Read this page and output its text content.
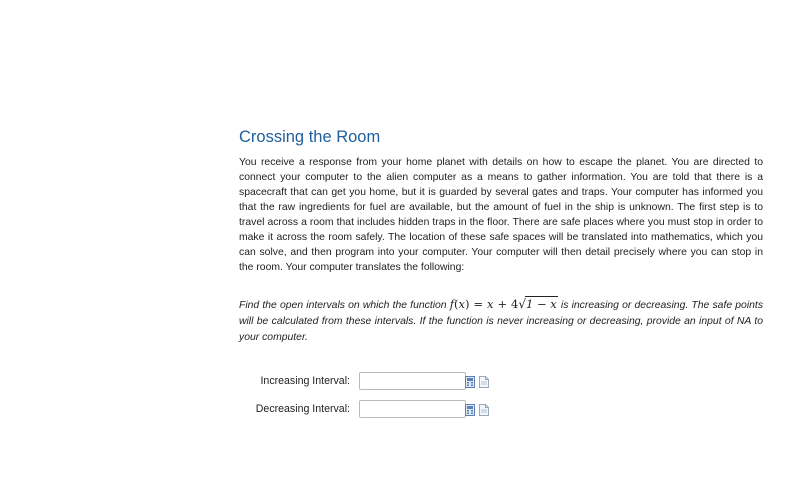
Crossing the Room

You receive a response from your home planet with details on how to escape the planet. You are directed to connect your computer to the alien computer as a means to gather information. You are told that there is a spacecraft that can get you home, but it is guarded by several gates and traps. Your computer has informed you that the raw ingredients for fuel are available, but the amount of fuel in the ship is unknown. The first step is to travel across a room that includes hidden traps in the floor. There are safe places where you must stop in order to make it across the room safely. The location of these safe spaces will be translated into mathematics, which you can solve, and then program into your computer. Your computer will then detail precisely where you can stop in the room. Your computer translates the following:

Find the open intervals on which the function f(x) = x + 4√1 − x is increasing or decreasing. The safe points will be calculated from these intervals. If the function is never increasing or decreasing, provide an input of NA to your computer.

Increasing Interval:
Decreasing Interval:
